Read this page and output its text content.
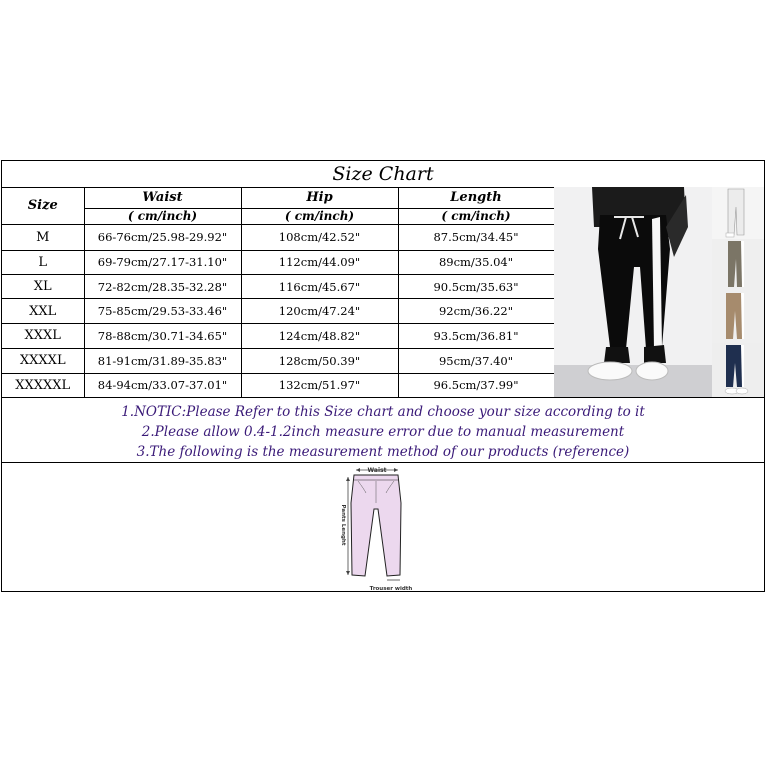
Size Chart
Size	Waist	Hip	Length
	( cm/inch)	( cm/inch)	( cm/inch)
M	66-76cm/25.98-29.92"	108cm/42.52"	87.5cm/34.45"
L	69-79cm/27.17-31.10"	112cm/44.09"	89cm/35.04"
XL	72-82cm/28.35-32.28"	116cm/45.67"	90.5cm/35.63"
XXL	75-85cm/29.53-33.46"	120cm/47.24"	92cm/36.22"
XXXL	78-88cm/30.71-34.65"	124cm/48.82"	93.5cm/36.81"
XXXXL	81-91cm/31.89-35.83"	128cm/50.39"	95cm/37.40"
XXXXXL	84-94cm/33.07-37.01"	132cm/51.97"	96.5cm/37.99"
1.NOTIC:Please Refer to this Size chart and choose your size according to it
2.Please allow 0.4-1.2inch measure error due to manual measurement
3.The following is the measurement method of our products (reference)
Waist
Pants Lenght
Trouser width
